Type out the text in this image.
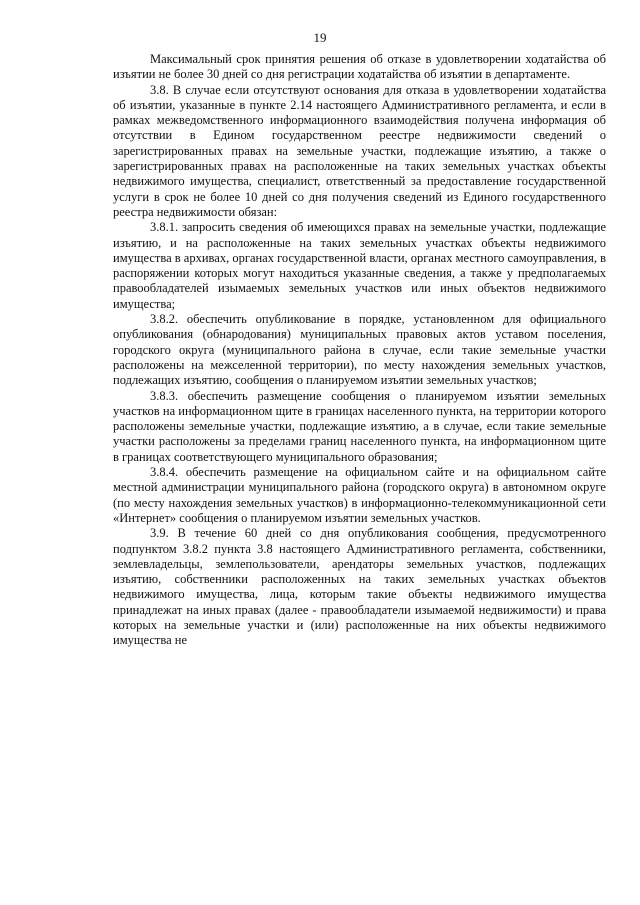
19

Максимальный срок принятия решения об отказе в удовлетворении ходатайства об изъятии не более 30 дней со дня регистрации ходатайства об изъятии в департаменте.

3.8. В случае если отсутствуют основания для отказа в удовлетворении ходатайства об изъятии, указанные в пункте 2.14 настоящего Административного регламента, и если в рамках межведомственного информационного взаимодействия получена информация об отсутствии в Едином государственном реестре недвижимости сведений о зарегистрированных правах на земельные участки, подлежащие изъятию, а также о зарегистрированных правах на расположенные на таких земельных участках объекты недвижимого имущества, специалист, ответственный за предоставление государственной услуги в срок не более 10 дней со дня получения сведений из Единого государственного реестра недвижимости обязан:

3.8.1. запросить сведения об имеющихся правах на земельные участки, подлежащие изъятию, и на расположенные на таких земельных участках объекты недвижимого имущества в архивах, органах государственной власти, органах местного самоуправления, в распоряжении которых могут находиться указанные сведения, а также у предполагаемых правообладателей изымаемых земельных участков или иных объектов недвижимого имущества;

3.8.2. обеспечить опубликование в порядке, установленном для официального опубликования (обнародования) муниципальных правовых актов уставом поселения, городского округа (муниципального района в случае, если такие земельные участки расположены на межселенной территории), по месту нахождения земельных участков, подлежащих изъятию, сообщения о планируемом изъятии земельных участков;

3.8.3. обеспечить размещение сообщения о планируемом изъятии земельных участков на информационном щите в границах населенного пункта, на территории которого расположены земельные участки, подлежащие изъятию, а в случае, если такие земельные участки расположены за пределами границ населенного пункта, на информационном щите в границах соответствующего муниципального образования;

3.8.4. обеспечить размещение на официальном сайте и на официальном сайте местной администрации муниципального района (городского округа) в автономном округе (по месту нахождения земельных участков) в информационно-телекоммуникационной сети «Интернет» сообщения о планируемом изъятии земельных участков.

3.9. В течение 60 дней со дня опубликования сообщения, предусмотренного подпунктом 3.8.2 пункта 3.8 настоящего Административного регламента, собственники, землевладельцы, землепользователи, арендаторы земельных участков, подлежащих изъятию, собственники расположенных на таких земельных участках объектов недвижимого имущества, лица, которым такие объекты недвижимого имущества принадлежат на иных правах (далее - правообладатели изымаемой недвижимости) и права которых на земельные участки и (или) расположенные на них объекты недвижимого имущества не
